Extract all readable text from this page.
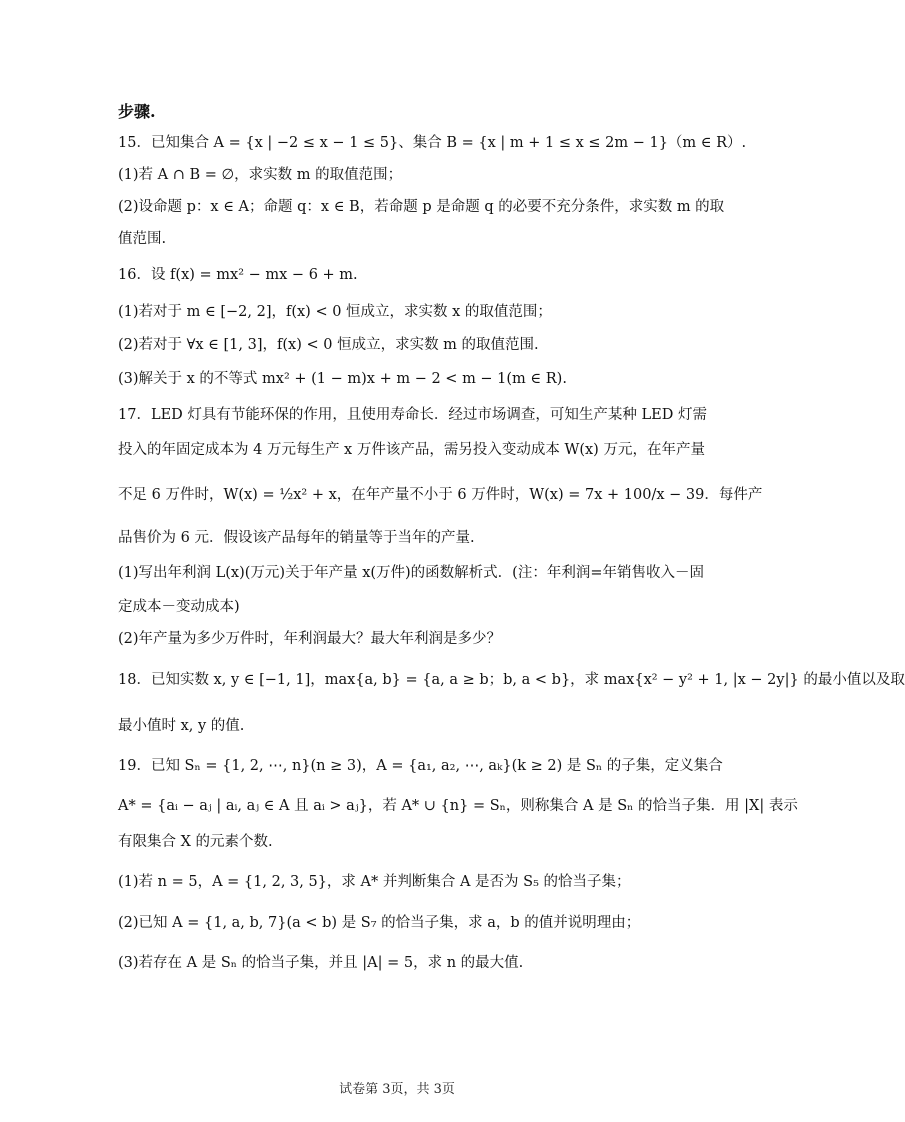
步骤.
15．已知集合 A = {x | −2 ≤ x − 1 ≤ 5}、集合 B = {x | m + 1 ≤ x ≤ 2m − 1}（m ∈ R）.
(1)若 A ∩ B = ∅，求实数 m 的取值范围；
(2)设命题 p：x ∈ A；命题 q：x ∈ B，若命题 p 是命题 q 的必要不充分条件，求实数 m 的取
值范围.
16．设 f(x) = mx² − mx − 6 + m.
(1)若对于 m ∈ [−2, 2]，f(x) < 0 恒成立，求实数 x 的取值范围；
(2)若对于 ∀x ∈ [1, 3]，f(x) < 0 恒成立，求实数 m 的取值范围.
(3)解关于 x 的不等式 mx² + (1 − m)x + m − 2 < m − 1(m ∈ R).
17．LED 灯具有节能环保的作用，且使用寿命长．经过市场调查，可知生产某种 LED 灯需
投入的年固定成本为 4 万元每生产 x 万件该产品，需另投入变动成本 W(x) 万元，在年产量
不足 6 万件时，W(x) = ½x² + x，在年产量不小于 6 万件时，W(x) = 7x + 100/x − 39．每件产
品售价为 6 元．假设该产品每年的销量等于当年的产量.
(1)写出年利润 L(x)(万元)关于年产量 x(万件)的函数解析式．(注：年利润=年销售收入－固
定成本－变动成本)
(2)年产量为多少万件时，年利润最大？最大年利润是多少？
18．已知实数 x, y ∈ [−1, 1]，max{a, b} = {a, a ≥ b；b, a < b}，求 max{x² − y² + 1, |x − 2y|} 的最小值以及取
最小值时 x, y 的值.
19．已知 Sₙ = {1, 2, ⋯, n}(n ≥ 3)，A = {a₁, a₂, ⋯, aₖ}(k ≥ 2) 是 Sₙ 的子集，定义集合
A* = {aᵢ − aⱼ | aᵢ, aⱼ ∈ A 且 aᵢ > aⱼ}，若 A* ∪ {n} = Sₙ，则称集合 A 是 Sₙ 的恰当子集．用 |X| 表示
有限集合 X 的元素个数.
(1)若 n = 5，A = {1, 2, 3, 5}，求 A* 并判断集合 A 是否为 S₅ 的恰当子集；
(2)已知 A = {1, a, b, 7}(a < b) 是 S₇ 的恰当子集，求 a，b 的值并说明理由；
(3)若存在 A 是 Sₙ 的恰当子集，并且 |A| = 5，求 n 的最大值.
试卷第 3页，共 3页
